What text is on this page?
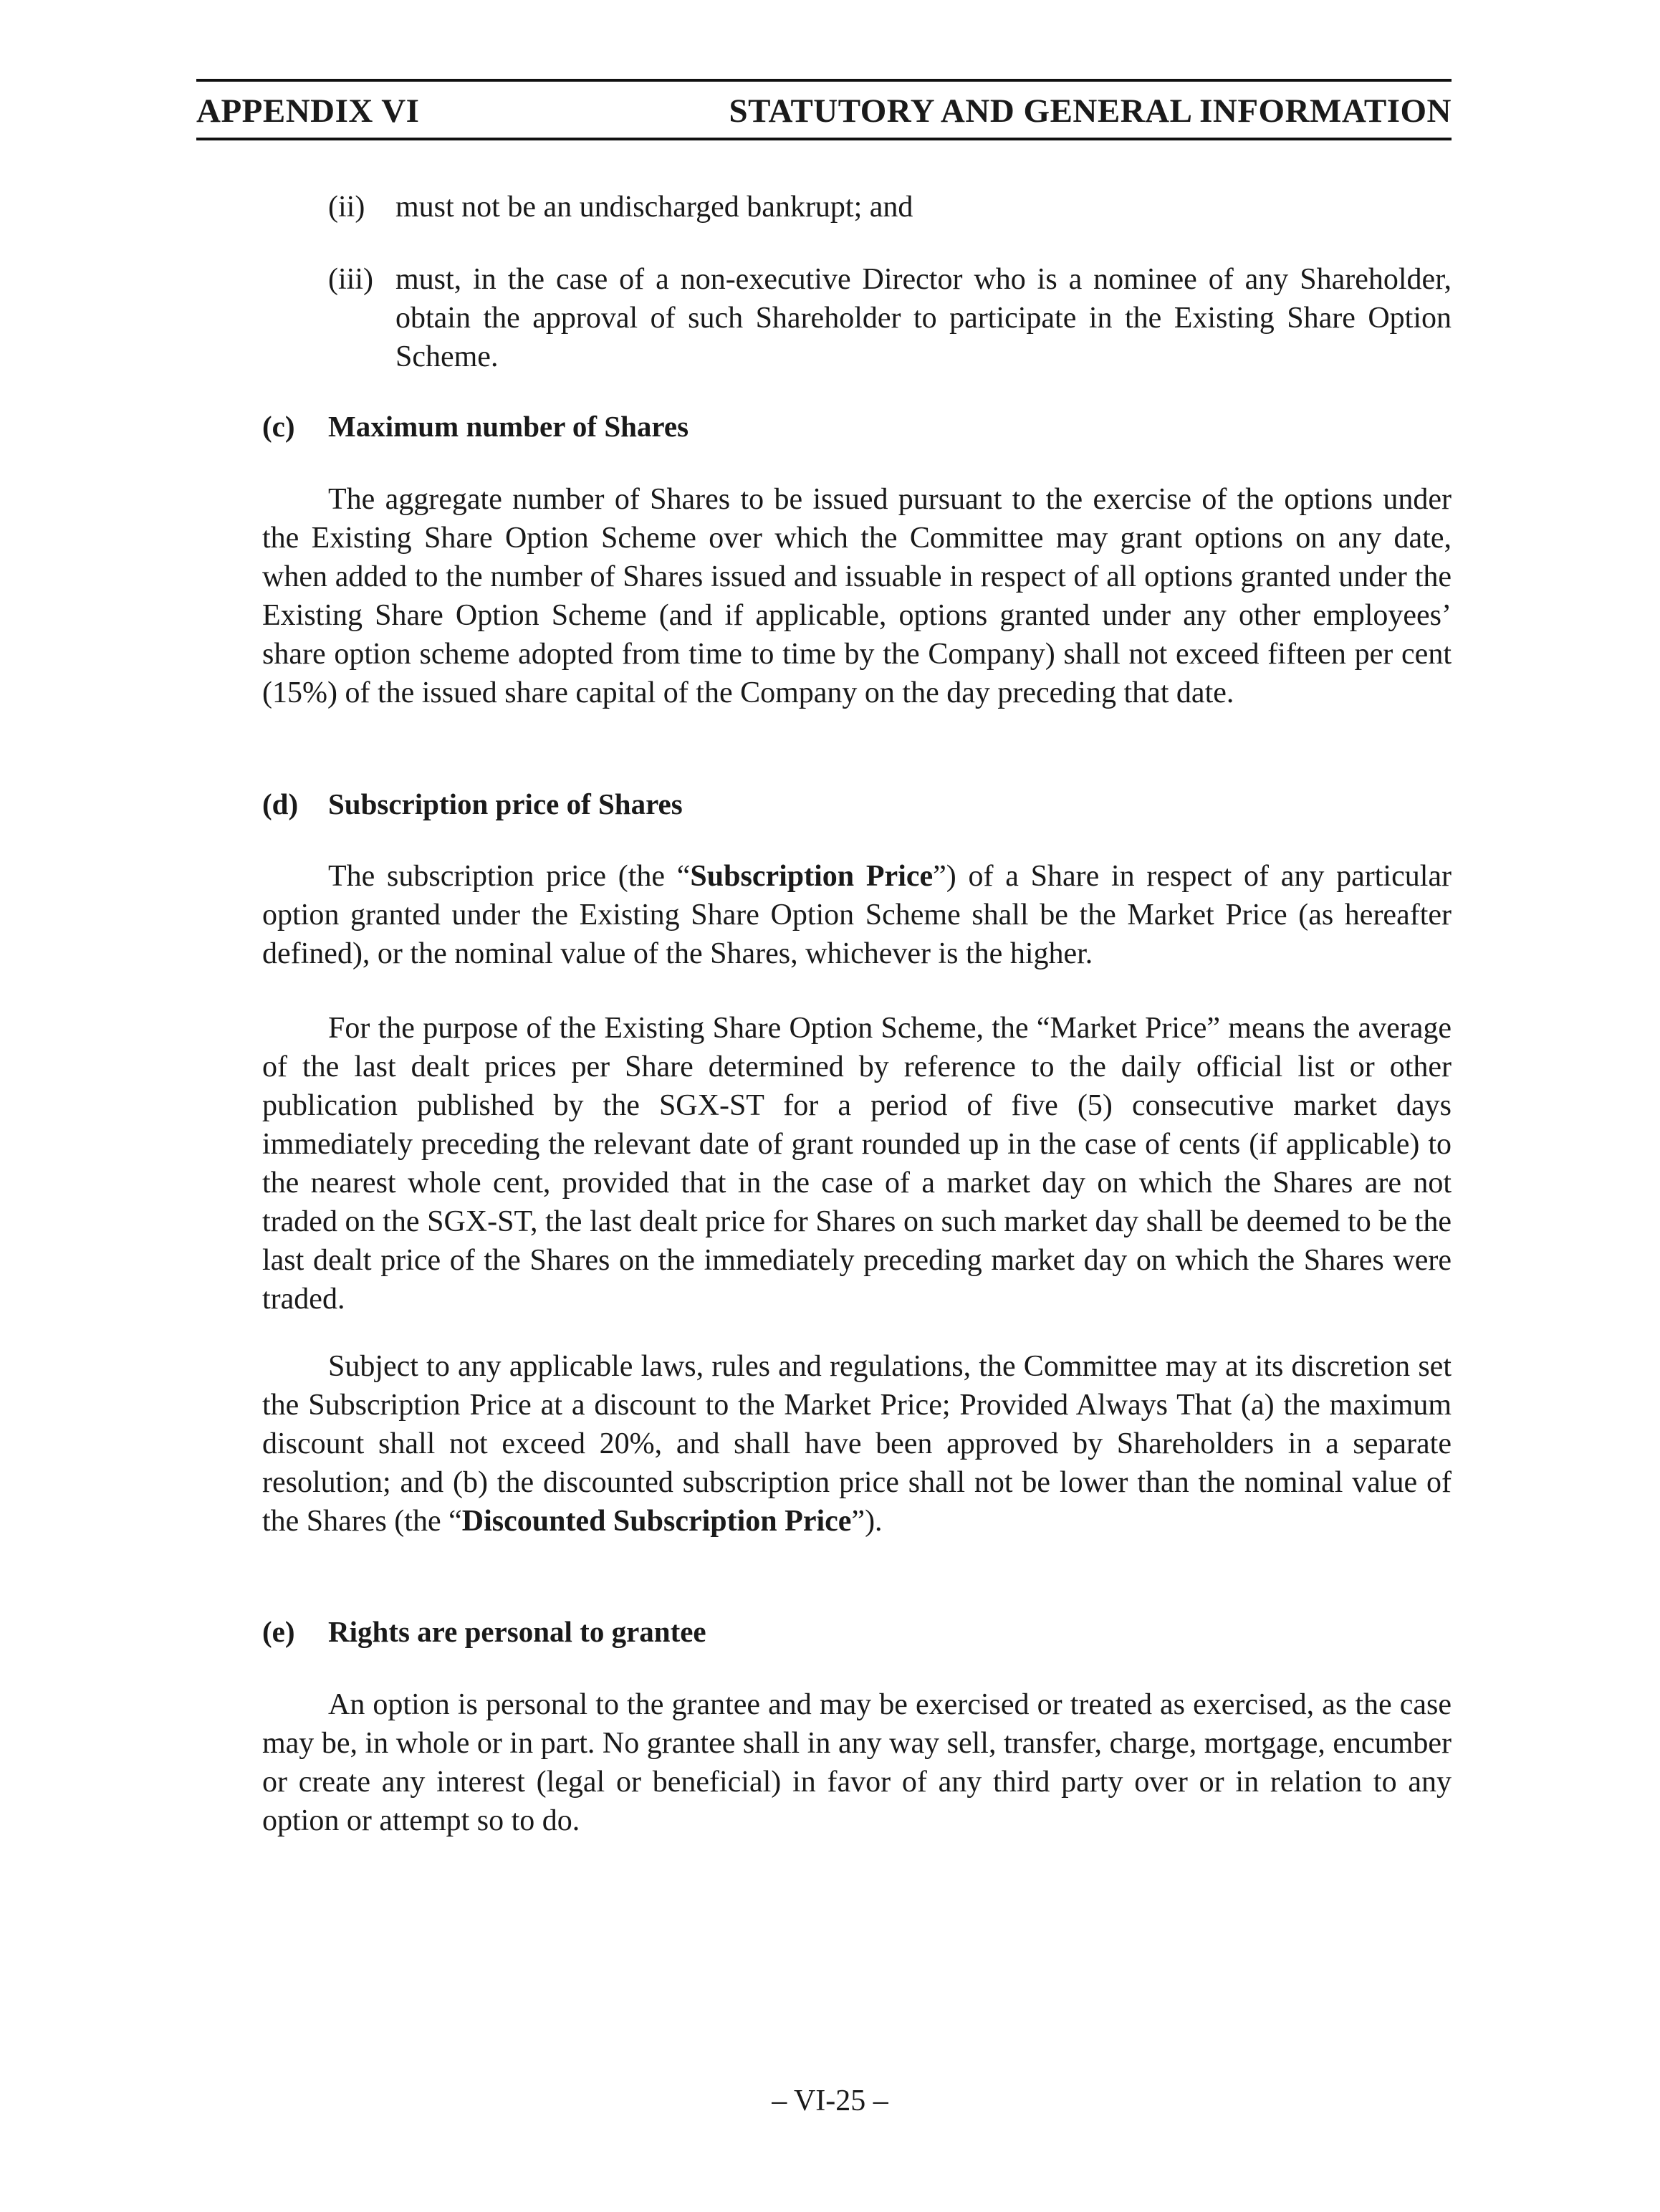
APPENDIX VI	STATUTORY AND GENERAL INFORMATION
(ii) must not be an undischarged bankrupt; and
(iii) must, in the case of a non-executive Director who is a nominee of any Shareholder, obtain the approval of such Shareholder to participate in the Existing Share Option Scheme.
(c) Maximum number of Shares
The aggregate number of Shares to be issued pursuant to the exercise of the options under the Existing Share Option Scheme over which the Committee may grant options on any date, when added to the number of Shares issued and issuable in respect of all options granted under the Existing Share Option Scheme (and if applicable, options granted under any other employees’ share option scheme adopted from time to time by the Company) shall not exceed fifteen per cent (15%) of the issued share capital of the Company on the day preceding that date.
(d) Subscription price of Shares
The subscription price (the “Subscription Price”) of a Share in respect of any particular option granted under the Existing Share Option Scheme shall be the Market Price (as hereafter defined), or the nominal value of the Shares, whichever is the higher.
For the purpose of the Existing Share Option Scheme, the “Market Price” means the average of the last dealt prices per Share determined by reference to the daily official list or other publication published by the SGX-ST for a period of five (5) consecutive market days immediately preceding the relevant date of grant rounded up in the case of cents (if applicable) to the nearest whole cent, provided that in the case of a market day on which the Shares are not traded on the SGX-ST, the last dealt price for Shares on such market day shall be deemed to be the last dealt price of the Shares on the immediately preceding market day on which the Shares were traded.
Subject to any applicable laws, rules and regulations, the Committee may at its discretion set the Subscription Price at a discount to the Market Price; Provided Always That (a) the maximum discount shall not exceed 20%, and shall have been approved by Shareholders in a separate resolution; and (b) the discounted subscription price shall not be lower than the nominal value of the Shares (the “Discounted Subscription Price”).
(e) Rights are personal to grantee
An option is personal to the grantee and may be exercised or treated as exercised, as the case may be, in whole or in part. No grantee shall in any way sell, transfer, charge, mortgage, encumber or create any interest (legal or beneficial) in favor of any third party over or in relation to any option or attempt so to do.
– VI-25 –
